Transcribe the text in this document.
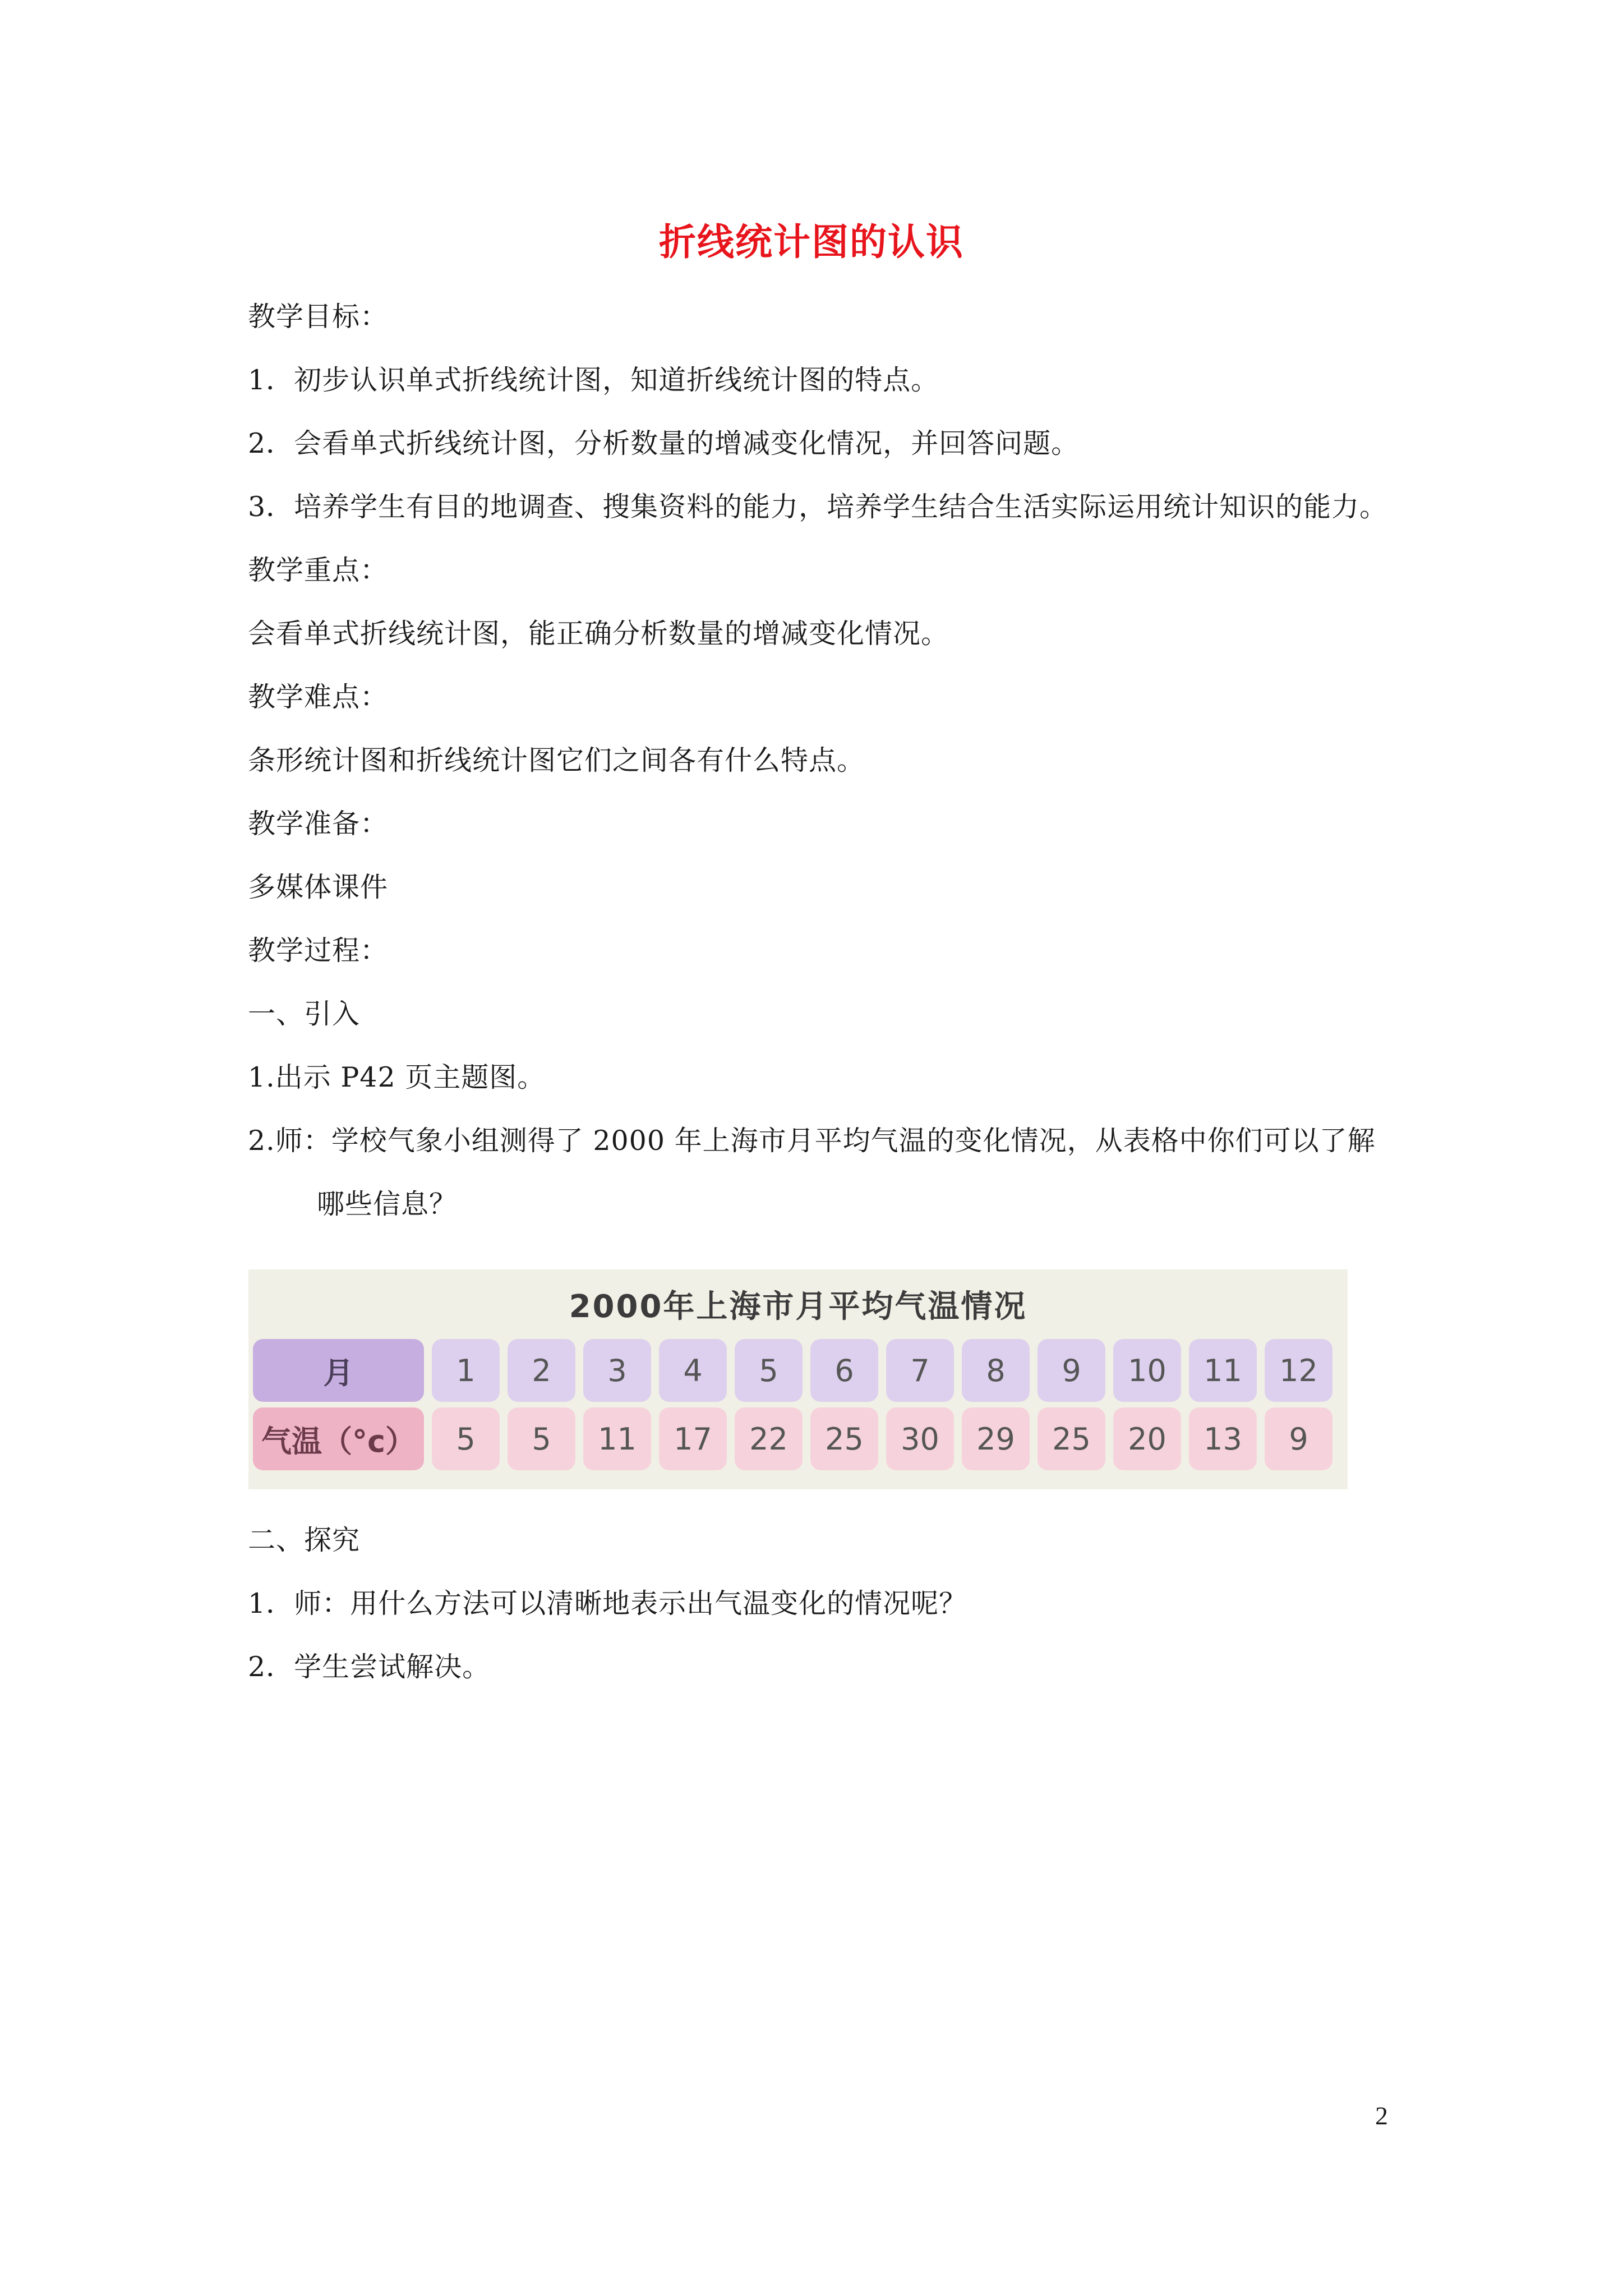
折线统计图的认识
教学目标：
1．初步认识单式折线统计图，知道折线统计图的特点。
2．会看单式折线统计图，分析数量的增减变化情况，并回答问题。
3．培养学生有目的地调查、搜集资料的能力，培养学生结合生活实际运用统计知识的能力。
教学重点：
会看单式折线统计图，能正确分析数量的增减变化情况。
教学难点：
条形统计图和折线统计图它们之间各有什么特点。
教学准备：
多媒体课件
教学过程：
一、引入
1.出示 P42 页主题图。
2.师：学校气象小组测得了 2000 年上海市月平均气温的变化情况，从表格中你们可以了解
哪些信息？
2000年上海市月平均气温情况
月	1	2	3	4	5	6	7	8	9	10	11	12
气温（°c）	5	5	11	17	22	25	30	29	25	20	13	9
二、探究
1．师：用什么方法可以清晰地表示出气温变化的情况呢？
2．学生尝试解决。
2
